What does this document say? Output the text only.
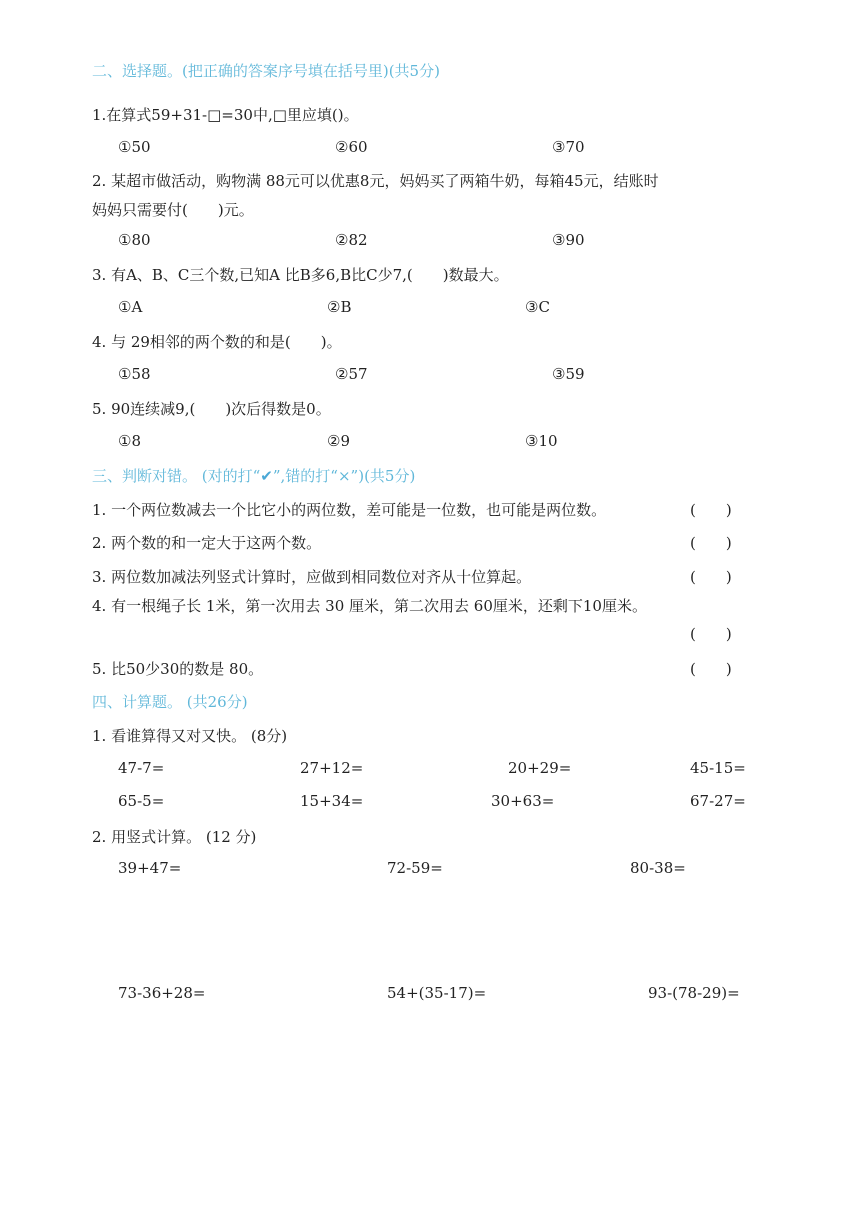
二、选择题。(把正确的答案序号填在括号里)(共5分)
1.在算式59+31-□=30中,□里应填()。
①50	②60	③70
2. 某超市做活动，购物满 88元可以优惠8元，妈妈买了两箱牛奶，每箱45元，结账时
妈妈只需要付(　　)元。
①80	②82	③90
3. 有A、B、C三个数,已知A 比B多6,B比C少7,(　　)数最大。
①A	②B	③C
4. 与 29相邻的两个数的和是(　　)。
①58	②57	③59
5. 90连续减9,(　　)次后得数是0。
①8	②9	③10
三、判断对错。 (对的打“✔”,错的打“×”)(共5分)
1. 一个两位数减去一个比它小的两位数，差可能是一位数，也可能是两位数。	(　　)
2. 两个数的和一定大于这两个数。	(　　)
3. 两位数加减法列竖式计算时，应做到相同数位对齐从十位算起。	(　　)
4. 有一根绳子长 1米，第一次用去 30 厘米，第二次用去 60厘米，还剩下10厘米。
(　　)
5. 比50少30的数是 80。	(　　)
四、计算题。 (共26分)
1. 看谁算得又对又快。 (8分)
47-7=	27+12=	20+29=	45-15=
65-5=	15+34=	30+63=	67-27=
2. 用竖式计算。 (12 分)
39+47=	72-59=	80-38=
73-36+28=	54+(35-17)=	93-(78-29)=
